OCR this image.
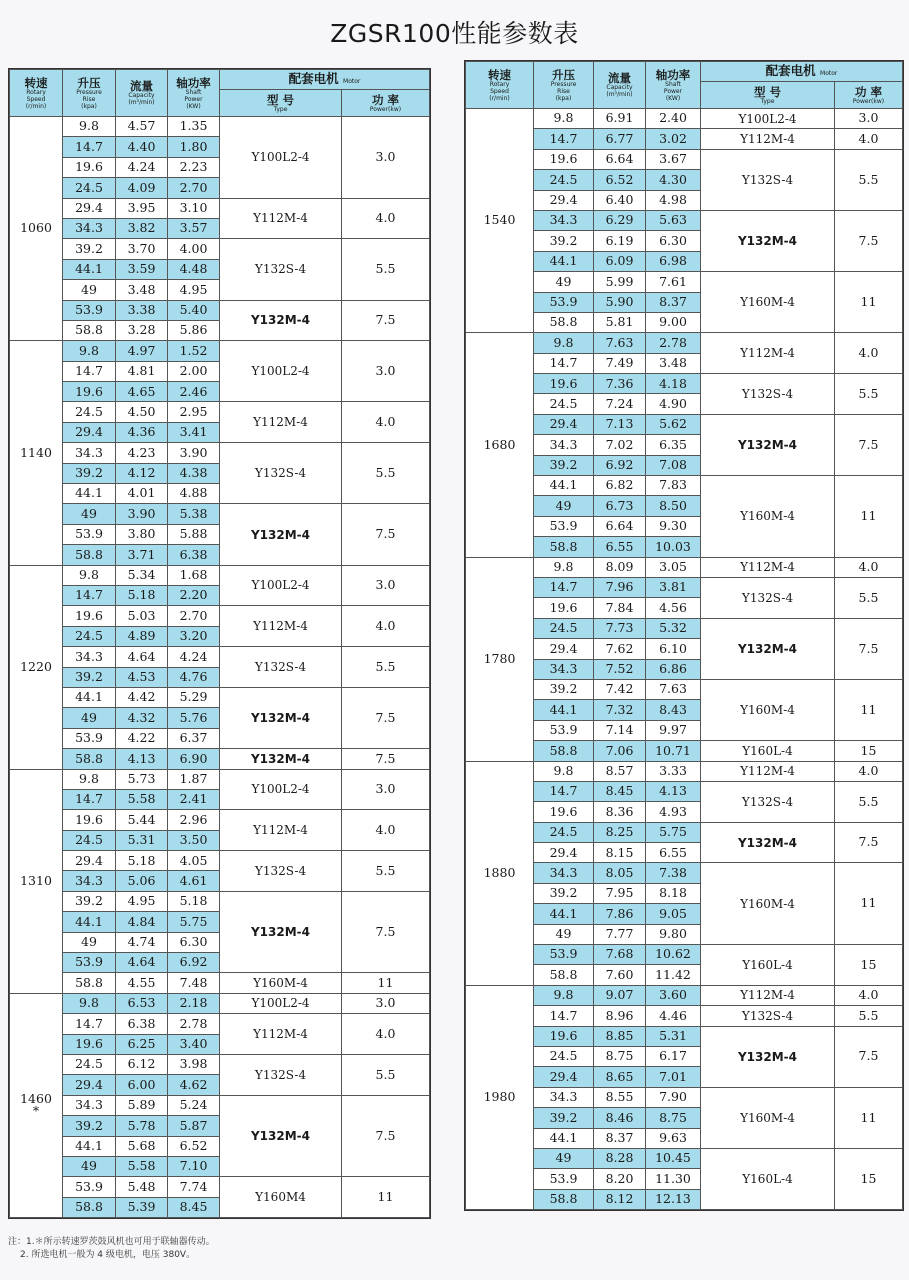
ZGSR100性能参数表
转速
Rotary
Speed
(r/min)	升压
Pressure
Rise
(kpa)	流量
Capacity
(m³/min)	轴功率
Shaft
Power
(KW)	配套电机 Motor	

				型 号
Type	功 率
Power(kw)

1060	9.8	4.57	1.35	Y100L2-4	3.0
	14.7	4.40	1.80		
	19.6	4.24	2.23		
	24.5	4.09	2.70		
	29.4	3.95	3.10	Y112M-4	4.0
	34.3	3.82	3.57		
	39.2	3.70	4.00	Y132S-4	5.5
	44.1	3.59	4.48		
	49	3.48	4.95		
	53.9	3.38	5.40	Y132M-4	7.5
	58.8	3.28	5.86		
1140	9.8	4.97	1.52	Y100L2-4	3.0
	14.7	4.81	2.00		
	19.6	4.65	2.46		
	24.5	4.50	2.95	Y112M-4	4.0
	29.4	4.36	3.41		
	34.3	4.23	3.90	Y132S-4	5.5
	39.2	4.12	4.38		
	44.1	4.01	4.88		
	49	3.90	5.38	Y132M-4	7.5
	53.9	3.80	5.88		
	58.8	3.71	6.38		
1220	9.8	5.34	1.68	Y100L2-4	3.0
	14.7	5.18	2.20		
	19.6	5.03	2.70	Y112M-4	4.0
	24.5	4.89	3.20		
	34.3	4.64	4.24	Y132S-4	5.5
	39.2	4.53	4.76		
	44.1	4.42	5.29	Y132M-4	7.5
	49	4.32	5.76		
	53.9	4.22	6.37		
	58.8	4.13	6.90	Y132M-4	7.5
1310	9.8	5.73	1.87	Y100L2-4	3.0
	14.7	5.58	2.41		
	19.6	5.44	2.96	Y112M-4	4.0
	24.5	5.31	3.50		
	29.4	5.18	4.05	Y132S-4	5.5
	34.3	5.06	4.61		
	39.2	4.95	5.18	Y132M-4	7.5
	44.1	4.84	5.75		
	49	4.74	6.30		
	53.9	4.64	6.92		
	58.8	4.55	7.48	Y160M-4	11
1460
*	9.8	6.53	2.18	Y100L2-4	3.0
	14.7	6.38	2.78	Y112M-4	4.0
	19.6	6.25	3.40		
	24.5	6.12	3.98	Y132S-4	5.5
	29.4	6.00	4.62		
	34.3	5.89	5.24	Y132M-4	7.5
	39.2	5.78	5.87		
	44.1	5.68	6.52		
	49	5.58	7.10		
	53.9	5.48	7.74	Y160M4	11
	58.8	5.39	8.45		
转速
Rotary
Speed
(r/min)	升压
Pressure
Rise
(kpa)	流量
Capacity
(m³/min)	轴功率
Shaft
Power
(KW)	配套电机 Motor	

				型 号
Type	功 率
Power(kw)

1540	9.8	6.91	2.40	Y100L2-4	3.0
	14.7	6.77	3.02	Y112M-4	4.0
	19.6	6.64	3.67	Y132S-4	5.5
	24.5	6.52	4.30		
	29.4	6.40	4.98		
	34.3	6.29	5.63	Y132M-4	7.5
	39.2	6.19	6.30		
	44.1	6.09	6.98		
	49	5.99	7.61	Y160M-4	11
	53.9	5.90	8.37		
	58.8	5.81	9.00		
1680	9.8	7.63	2.78	Y112M-4	4.0
	14.7	7.49	3.48		
	19.6	7.36	4.18	Y132S-4	5.5
	24.5	7.24	4.90		
	29.4	7.13	5.62	Y132M-4	7.5
	34.3	7.02	6.35		
	39.2	6.92	7.08		
	44.1	6.82	7.83	Y160M-4	11
	49	6.73	8.50		
	53.9	6.64	9.30		
	58.8	6.55	10.03		
1780	9.8	8.09	3.05	Y112M-4	4.0
	14.7	7.96	3.81	Y132S-4	5.5
	19.6	7.84	4.56		
	24.5	7.73	5.32	Y132M-4	7.5
	29.4	7.62	6.10		
	34.3	7.52	6.86		
	39.2	7.42	7.63	Y160M-4	11
	44.1	7.32	8.43		
	53.9	7.14	9.97		
	58.8	7.06	10.71	Y160L-4	15
1880	9.8	8.57	3.33	Y112M-4	4.0
	14.7	8.45	4.13	Y132S-4	5.5
	19.6	8.36	4.93		
	24.5	8.25	5.75	Y132M-4	7.5
	29.4	8.15	6.55		
	34.3	8.05	7.38	Y160M-4	11
	39.2	7.95	8.18		
	44.1	7.86	9.05		
	49	7.77	9.80		
	53.9	7.68	10.62	Y160L-4	15
	58.8	7.60	11.42		
1980	9.8	9.07	3.60	Y112M-4	4.0
	14.7	8.96	4.46	Y132S-4	5.5
	19.6	8.85	5.31	Y132M-4	7.5
	24.5	8.75	6.17		
	29.4	8.65	7.01		
	34.3	8.55	7.90	Y160M-4	11
	39.2	8.46	8.75		
	44.1	8.37	9.63		
	49	8.28	10.45	Y160L-4	15
	53.9	8.20	11.30		
	58.8	8.12	12.13		
注：1.＊所示转速罗茨鼓风机也可用于联轴器传动。
2. 所选电机一般为 4 级电机，电压 380V。
